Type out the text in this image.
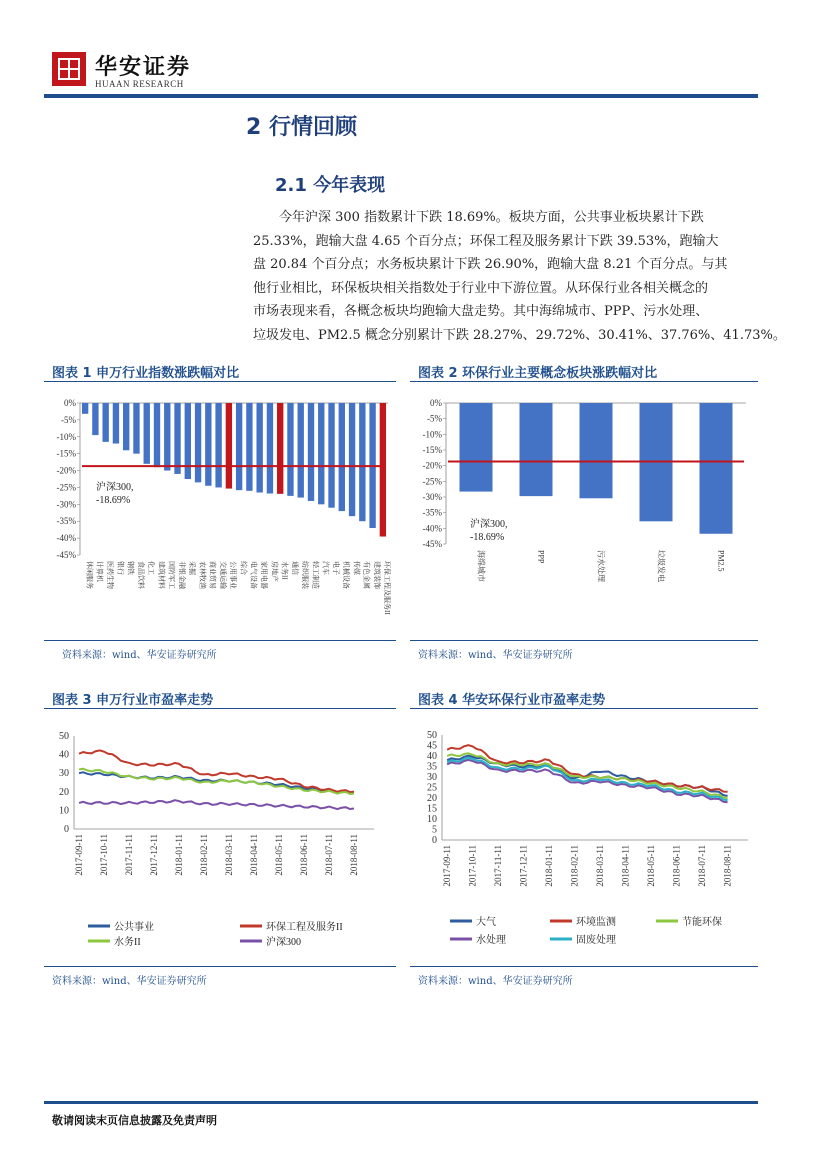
华安证券
HUAAN RESEARCH
2 行情回顾
2.1 今年表现
今年沪深 300 指数累计下跌 18.69%。板块方面，公共事业板块累计下跌
25.33%，跑输大盘 4.65 个百分点；环保工程及服务累计下跌 39.53%，跑输大
盘 20.84 个百分点；水务板块累计下跌 26.90%，跑输大盘 8.21 个百分点。与其
他行业相比，环保板块相关指数处于行业中下游位置。从环保行业各相关概念的
市场表现来看，各概念板块均跑输大盘走势。其中海绵城市、PPP、污水处理、
垃圾发电、PM2.5 概念分别累计下跌 28.27%、29.72%、30.41%、37.76%、41.73%。
图表 1 申万行业指数涨跌幅对比
0%
-5%
-10%
-15%
-20%
-25%
-30%
-35%
-40%
-45%
休闲服务 计算机 医药生物 银行 钢铁 食品饮料 化工 建筑材料 国防军工 非银金融 采掘 农林牧渔 商业贸易 交通运输 公用事业 综合 电气设备 家用电器 房地产 水务II 通信 纺织服装 轻工制造 汽车 电子 机械设备 传媒 有色金属 建筑装饰 环保工程及服务II
沪深300,
-18.69%
资料来源：wind、华安证券研究所
图表 2 环保行业主要概念板块涨跌幅对比
0%
-5%
-10%
-15%
-20%
-25%
-30%
-35%
-40%
-45%
海绵城市	PPP	污水处理	垃圾发电	PM2.5
沪深300,
-18.69%
资料来源：wind、华安证券研究所
图表 3 申万行业市盈率走势
0
10
20
30
40
50
2017-09-11 2017-10-11 2017-11-11 2017-12-11 2018-01-11 2018-02-11 2018-03-11 2018-04-11 2018-05-11 2018-06-11 2018-07-11 2018-08-11
公共事业	环保工程及服务II
水务II	沪深300
资料来源：wind、华安证券研究所
图表 4 华安环保行业市盈率走势
0
5
10
15
20
25
30
35
40
45
50
2017-09-11 2017-10-11 2017-11-11 2017-12-11 2018-01-11 2018-02-11 2018-03-11 2018-04-11 2018-05-11 2018-06-11 2018-07-11 2018-08-11
大气	环境监测	节能环保
水处理	固废处理
资料来源：wind、华安证券研究所
敬请阅读末页信息披露及免责声明
